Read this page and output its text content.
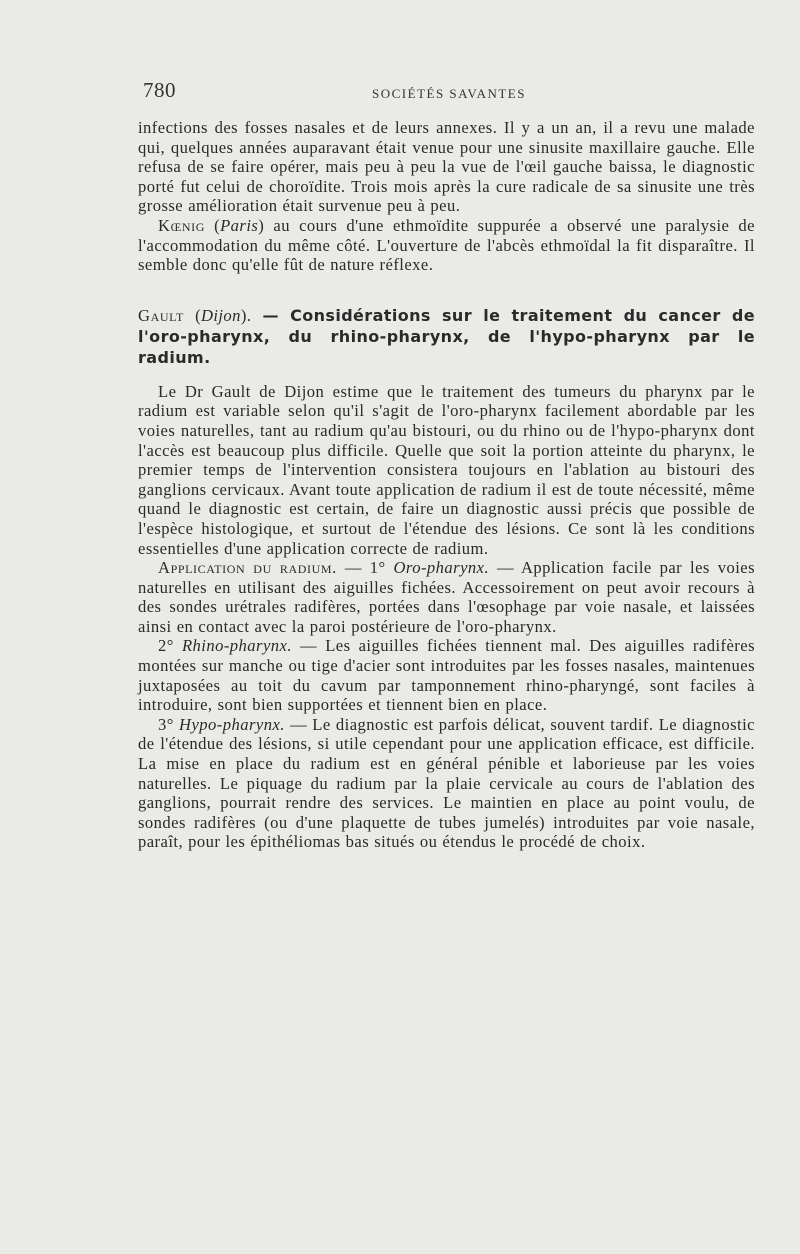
780	SOCIÉTÉS SAVANTES

infections des fosses nasales et de leurs annexes. Il y a un an, il a revu une malade qui, quelques années auparavant était venue pour une sinusite maxillaire gauche. Elle refusa de se faire opérer, mais peu à peu la vue de l'œil gauche baissa, le diagnostic porté fut celui de choroïdite. Trois mois après la cure radicale de sa sinusite une très grosse amélioration était survenue peu à peu.

Kœnig (Paris) au cours d'une ethmoïdite suppurée a observé une paralysie de l'accommodation du même côté. L'ouverture de l'abcès ethmoïdal la fit disparaître. Il semble donc qu'elle fût de nature réflexe.

Gault (Dijon). — Considérations sur le traitement du cancer de l'oro-pharynx, du rhino-pharynx, de l'hypo-pharynx par le radium.

Le Dr Gault de Dijon estime que le traitement des tumeurs du pharynx par le radium est variable selon qu'il s'agit de l'oro-pharynx facilement abordable par les voies naturelles, tant au radium qu'au bistouri, ou du rhino ou de l'hypo-pharynx dont l'accès est beaucoup plus difficile. Quelle que soit la portion atteinte du pharynx, le premier temps de l'intervention consistera toujours en l'ablation au bistouri des ganglions cervicaux. Avant toute application de radium il est de toute nécessité, même quand le diagnostic est certain, de faire un diagnostic aussi précis que possible de l'espèce histologique, et surtout de l'étendue des lésions. Ce sont là les conditions essentielles d'une application correcte de radium.

Application du radium. — 1° Oro-pharynx. — Application facile par les voies naturelles en utilisant des aiguilles fichées. Accessoirement on peut avoir recours à des sondes urétrales radifères, portées dans l'œsophage par voie nasale, et laissées ainsi en contact avec la paroi postérieure de l'oro-pharynx.

2° Rhino-pharynx. — Les aiguilles fichées tiennent mal. Des aiguilles radifères montées sur manche ou tige d'acier sont introduites par les fosses nasales, maintenues juxtaposées au toit du cavum par tamponnement rhino-pharyngé, sont faciles à introduire, sont bien supportées et tiennent bien en place.

3° Hypo-pharynx. — Le diagnostic est parfois délicat, souvent tardif. Le diagnostic de l'étendue des lésions, si utile cependant pour une application efficace, est difficile. La mise en place du radium est en général pénible et laborieuse par les voies naturelles. Le piquage du radium par la plaie cervicale au cours de l'ablation des ganglions, pourrait rendre des services. Le maintien en place au point voulu, de sondes radifères (ou d'une plaquette de tubes jumelés) introduites par voie nasale, paraît, pour les épithéliomas bas situés ou étendus le procédé de choix.
